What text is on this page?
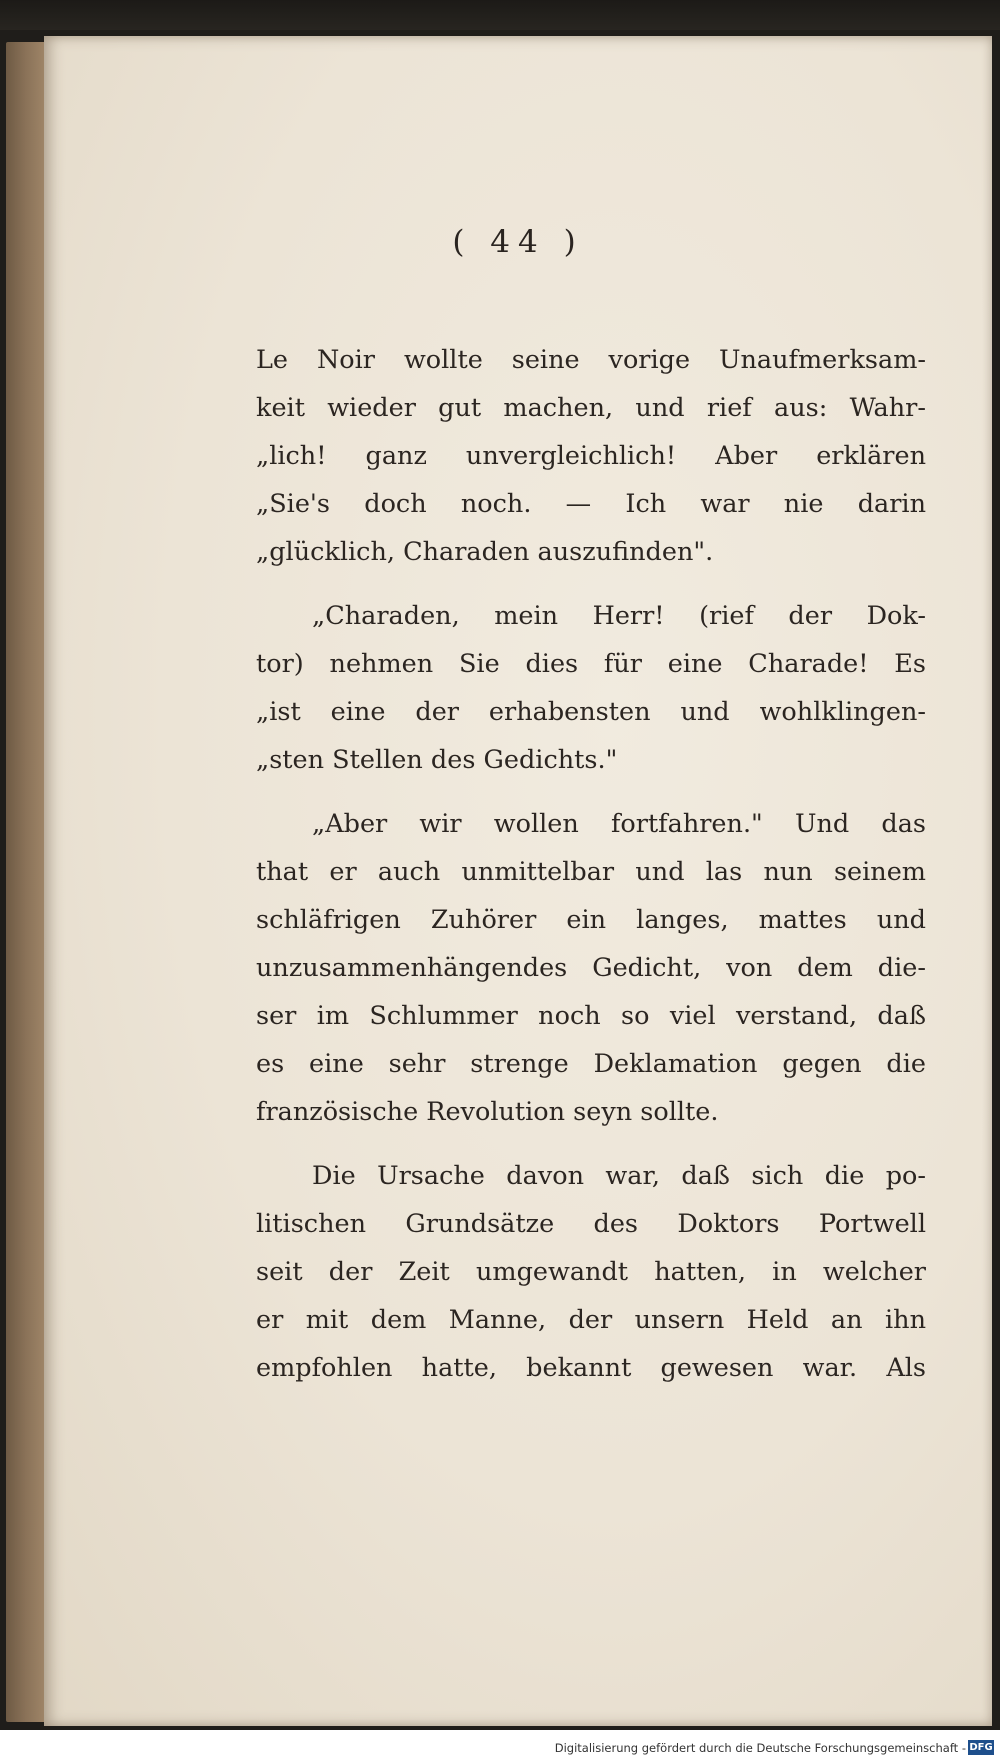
( 44 )
Le Noir wollte seine vorige Unaufmerksam-
keit wieder gut machen, und rief aus: Wahr-
„lich! ganz unvergleichlich! Aber erklären
„Sie's doch noch. — Ich war nie darin
„glücklich, Charaden auszufinden".
„Charaden, mein Herr! (rief der Dok-
tor) nehmen Sie dies für eine Charade! Es
„ist eine der erhabensten und wohlklingen-
„sten Stellen des Gedichts."
„Aber wir wollen fortfahren." Und das
that er auch unmittelbar und las nun seinem
schläfrigen Zuhörer ein langes, mattes und
unzusammenhängendes Gedicht, von dem die-
ser im Schlummer noch so viel verstand, daß
es eine sehr strenge Deklamation gegen die
französische Revolution seyn sollte.
Die Ursache davon war, daß sich die po-
litischen Grundsätze des Doktors Portwell
seit der Zeit umgewandt hatten, in welcher
er mit dem Manne, der unsern Held an ihn
empfohlen hatte, bekannt gewesen war. Als
Digitalisierung gefördert durch die Deutsche Forschungsgemeinschaft - DFG
